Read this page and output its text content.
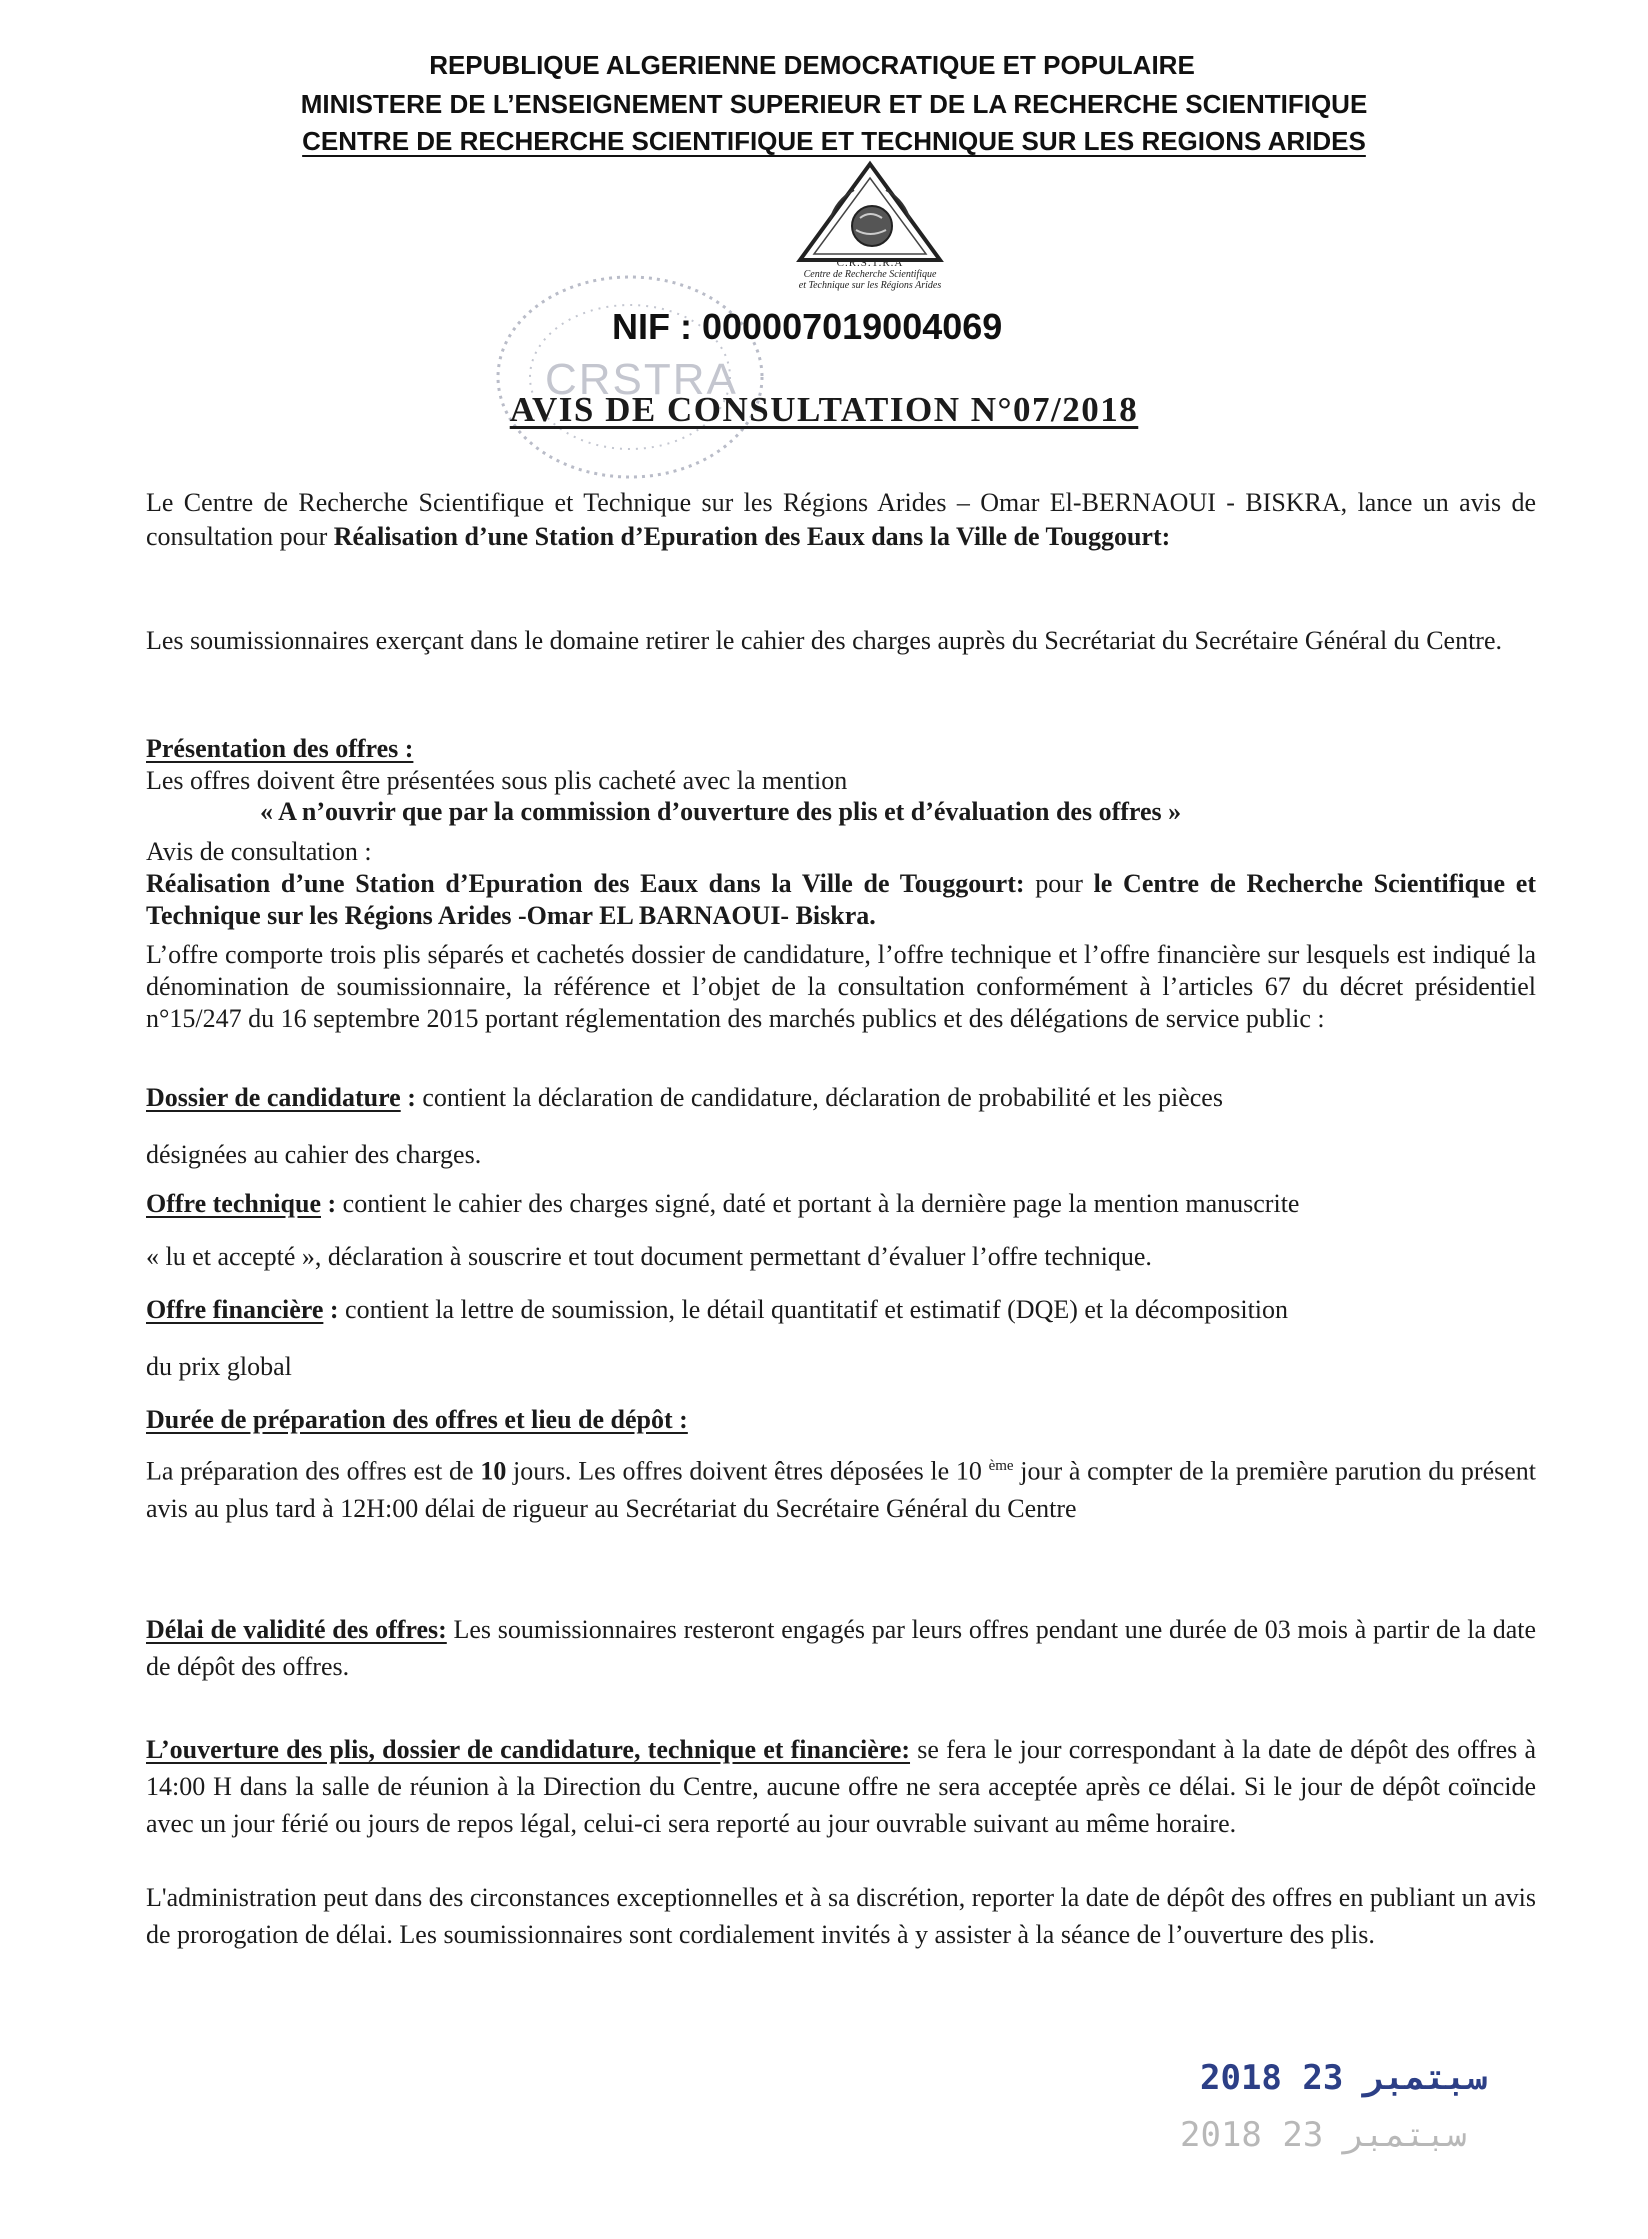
REPUBLIQUE ALGERIENNE DEMOCRATIQUE ET POPULAIRE
MINISTERE DE L’ENSEIGNEMENT SUPERIEUR ET DE LA RECHERCHE SCIENTIFIQUE
CENTRE DE RECHERCHE SCIENTIFIQUE ET TECHNIQUE SUR LES REGIONS ARIDES
C.R.S.T.R.A
Centre de Recherche Scientifique
et Technique sur les Régions Arides
CRSTRA
NIF : 000007019004069
AVIS DE CONSULTATION N°07/2018
Le Centre de Recherche Scientifique et Technique sur les Régions Arides – Omar El-BERNAOUI - BISKRA, lance un avis de consultation pour Réalisation d’une Station d’Epuration des Eaux dans la Ville de Touggourt:
Les soumissionnaires exerçant dans le domaine retirer le cahier des charges auprès du Secrétariat du Secrétaire Général du Centre.
Présentation des offres :
Les offres doivent être présentées sous plis cacheté avec la mention
« A n’ouvrir que par la commission d’ouverture des plis et d’évaluation des offres »
Avis de consultation :
Réalisation d’une Station d’Epuration des Eaux dans la Ville de Touggourt: pour le Centre de Recherche Scientifique et Technique sur les Régions Arides -Omar EL BARNAOUI- Biskra.
L’offre comporte trois plis séparés et cachetés dossier de candidature, l’offre technique et l’offre financière sur lesquels est indiqué la dénomination de soumissionnaire, la référence et l’objet de la consultation conformément à l’articles 67 du décret présidentiel n°15/247 du 16 septembre 2015 portant réglementation des marchés publics et des délégations de service public :
Dossier de candidature : contient la déclaration de candidature, déclaration de probabilité et les pièces
désignées au cahier des charges.
Offre technique : contient le cahier des charges signé, daté et portant à la dernière page la mention manuscrite
« lu et accepté », déclaration à souscrire et tout document permettant d’évaluer l’offre technique.
Offre financière : contient la lettre de soumission, le détail quantitatif et estimatif (DQE) et la décomposition
du prix global
Durée de préparation des offres et lieu de dépôt :
La préparation des offres est de 10 jours. Les offres doivent êtres déposées le 10 $^{ème}$ jour à compter de la première parution du présent avis au plus tard à 12H:00 délai de rigueur au Secrétariat du Secrétaire Général du Centre
Délai de validité des offres: Les soumissionnaires resteront engagés par leurs offres pendant une durée de 03 mois à partir de la date de dépôt des offres.
L’ouverture des plis, dossier de candidature, technique et financière: se fera le jour correspondant à la date de dépôt des offres à 14:00 H dans la salle de réunion à la Direction du Centre, aucune offre ne sera acceptée après ce délai. Si le jour de dépôt coïncide avec un jour férié ou jours de repos légal, celui-ci sera reporté au jour ouvrable suivant au même horaire.
L'administration peut dans des circonstances exceptionnelles et à sa discrétion, reporter la date de dépôt des offres en publiant un avis de prorogation de délai. Les soumissionnaires sont cordialement invités à y assister à la séance de l’ouverture des plis.
2018 سبتمبر 23
2018 سبتمبر 23
